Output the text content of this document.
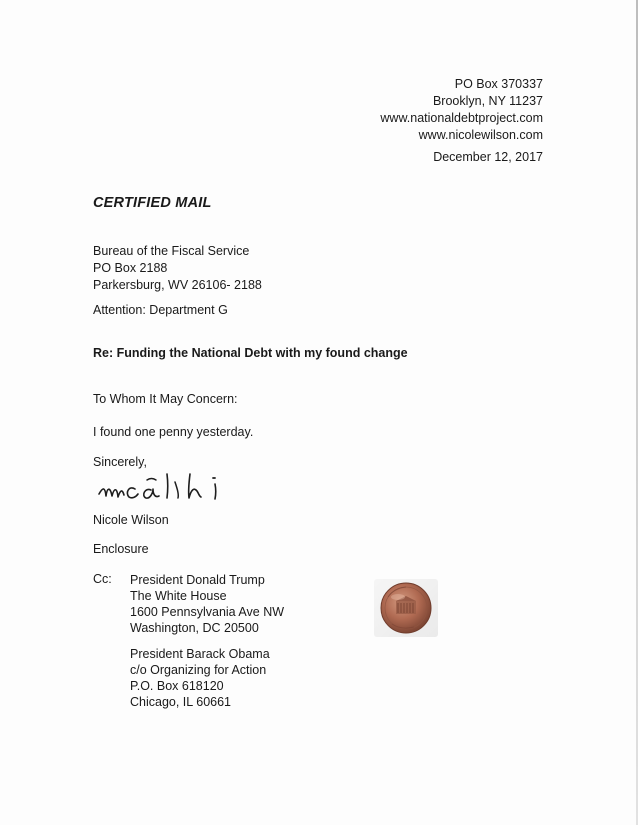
PO Box 370337
Brooklyn, NY 11237
www.nationaldebtproject.com
www.nicolewilson.com
December 12, 2017
CERTIFIED MAIL
Bureau of the Fiscal Service
PO Box 2188
Parkersburg, WV 26106- 2188
Attention: Department G
Re: Funding the National Debt with my found change
To Whom It May Concern:
I found one penny yesterday.
Sincerely,
Nicole Wilson
Enclosure
Cc: President Donald Trump
The White House
1600 Pennsylvania Ave NW
Washington, DC 20500
President Barack Obama
c/o Organizing for Action
P.O. Box 618120
Chicago, IL 60661
